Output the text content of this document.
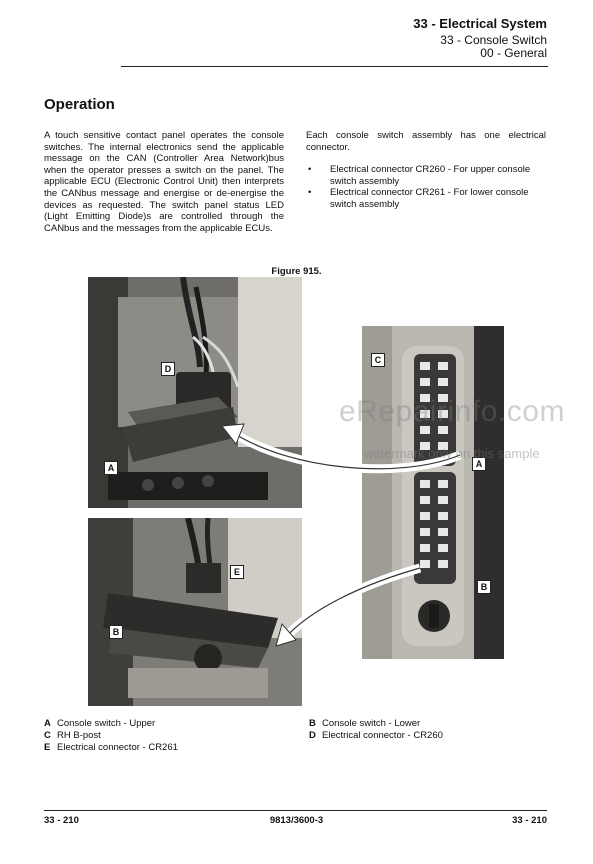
33 - Electrical System
33 - Console Switch
00 - General
Operation
A touch sensitive contact panel operates the console switches. The internal electronics send the applicable message on the CAN (Controller Area Network)bus when the operator presses a switch on the panel. The applicable ECU (Electronic Control Unit) then interprets the CANbus message and energise or de-energise the devices as requested. The switch panel status LED (Light Emitting Diode)s are controlled through the CANbus and the messages from the applicable ECUs.
Each console switch assembly has one electrical connector.
• Electrical connector CR260 - For upper console switch assembly
• Electrical connector CR261 - For lower console switch assembly
Figure 915.
D
A
E
B
C
A
B
eRepairinfo.com
watermark only on this sample
A Console switch - Upper
C RH B-post
E Electrical connector - CR261
B Console switch - Lower
D Electrical connector - CR260
33 - 210	9813/3600-3	33 - 210
